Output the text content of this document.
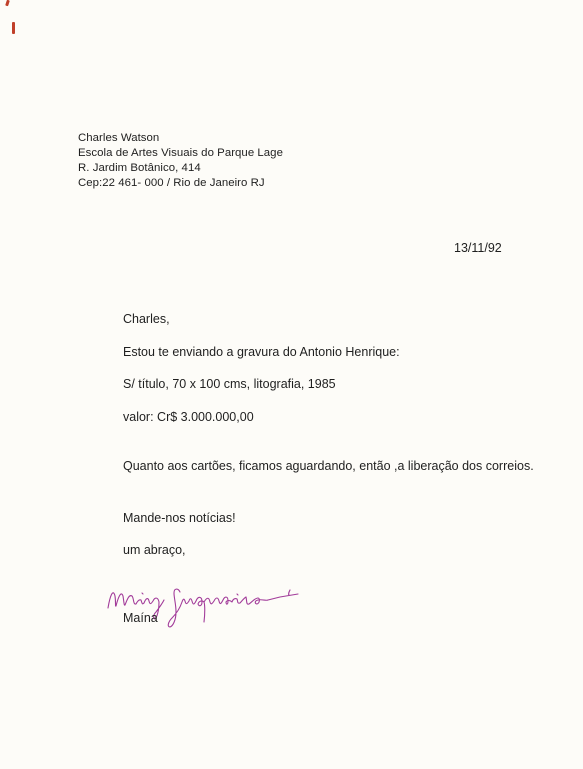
Charles Watson
Escola de Artes Visuais do Parque Lage
R. Jardim Botânico, 414
Cep:22 461- 000 / Rio de Janeiro RJ
13/11/92
Charles,
Estou te enviando a gravura do Antonio Henrique:
S/ título, 70 x 100 cms, litografia, 1985
valor: Cr$ 3.000.000,00
Quanto aos cartões, ficamos aguardando, então ,a liberação dos correios.
Mande-nos notícias!
um abraço,
Maína
